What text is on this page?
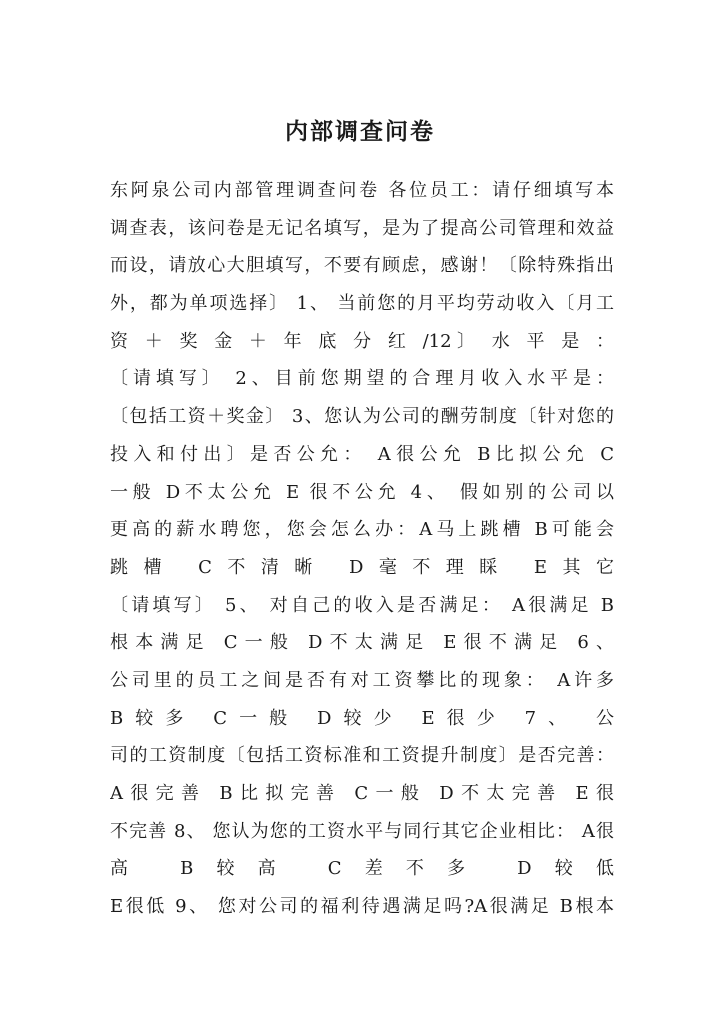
内部调查问卷
东阿泉公司内部管理调查问卷 各位员工：请仔细填写本
调查表，该问卷是无记名填写，是为了提高公司管理和效益
而设，请放心大胆填写，不要有顾虑，感谢！〔除特殊指出
外，都为单项选择〕 1、 当前您的月平均劳动收入〔月工
资 ＋ 奖 金 ＋ 年 底 分 红 /12〕 水 平 是 ：
〔请填写〕 2、目前您期望的合理月收入水平是：
〔包括工资＋奖金〕 3、您认为公司的酬劳制度〔针对您的
投入和付出〕是否公允： A很公允 B比拟公允 C
一般 D不太公允 E 很不公允 4、 假如别的公司以
更高的薪水聘您，您会怎么办：A马上跳槽 B可能会
跳槽 C不清晰 D毫不理睬 E其它
〔请填写〕 5、 对自己的收入是否满足： A很满足 B
根本满足 C一般 D不太满足 E很不满足 6、
公司里的员工之间是否有对工资攀比的现象： A许多
B较多 C一般 D较少 E很少 7、 公
司的工资制度〔包括工资标准和工资提升制度〕是否完善：
A很完善 B比拟完善 C一般 D不太完善 E很
不完善 8、 您认为您的工资水平与同行其它企业相比： A很
高 B较高 C差不多 D较低
E很低 9、 您对公司的福利待遇满足吗?A很满足 B根本
